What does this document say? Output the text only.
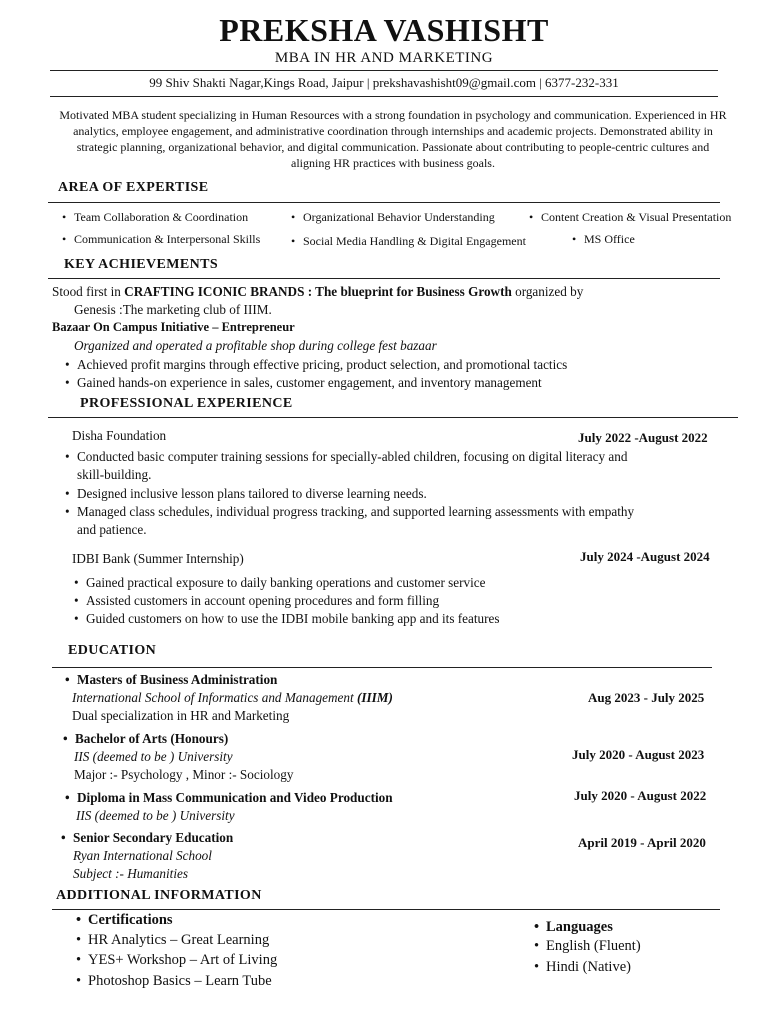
PREKSHA VASHISHT
MBA IN HR AND MARKETING
99 Shiv Shakti Nagar,Kings Road, Jaipur | prekshavashisht09@gmail.com | 6377-232-331
Motivated MBA student specializing in Human Resources with a strong foundation in psychology and communication. Experienced in HR analytics, employee engagement, and administrative coordination through internships and academic projects. Demonstrated ability in strategic planning, organizational behavior, and digital communication. Passionate about contributing to people-centric cultures and aligning HR practices with business goals.
AREA OF EXPERTISE
• Team Collaboration & Coordination	• Organizational Behavior Understanding	• Content Creation & Visual Presentation
• Communication & Interpersonal Skills	• Social Media Handling & Digital Engagement	• MS Office
KEY ACHIEVEMENTS
Stood first in CRAFTING ICONIC BRANDS : The blueprint for Business Growth organized by
Genesis :The marketing club of IIIM.
Bazaar On Campus Initiative – Entrepreneur
Organized and operated a profitable shop during college fest bazaar
• Achieved profit margins through effective pricing, product selection, and promotional tactics
• Gained hands-on experience in sales, customer engagement, and inventory management
PROFESSIONAL EXPERIENCE
Disha Foundation	July 2022 -August 2022
• Conducted basic computer training sessions for specially-abled children, focusing on digital literacy and
skill-building.
• Designed inclusive lesson plans tailored to diverse learning needs.
• Managed class schedules, individual progress tracking, and supported learning assessments with empathy
and patience.
IDBI Bank (Summer Internship)	July 2024 -August 2024
• Gained practical exposure to daily banking operations and customer service
• Assisted customers in account opening procedures and form filling
• Guided customers on how to use the IDBI mobile banking app and its features
EDUCATION
• Masters of Business Administration
International School of Informatics and Management (IIIM)	Aug 2023 - July 2025
Dual specialization in HR and Marketing
• Bachelor of Arts (Honours)
IIS (deemed to be ) University	July 2020 - August 2023
Major :- Psychology , Minor :- Sociology
• Diploma in Mass Communication and Video Production
IIS (deemed to be ) University
July 2020 - August 2022
• Senior Secondary Education
Ryan International School
April 2019 - April 2020
Subject :- Humanities
ADDITIONAL INFORMATION
• Certifications
• HR Analytics – Great Learning
• YES+ Workshop – Art of Living
• Photoshop Basics – Learn Tube
• Languages
• English (Fluent)
• Hindi (Native)
